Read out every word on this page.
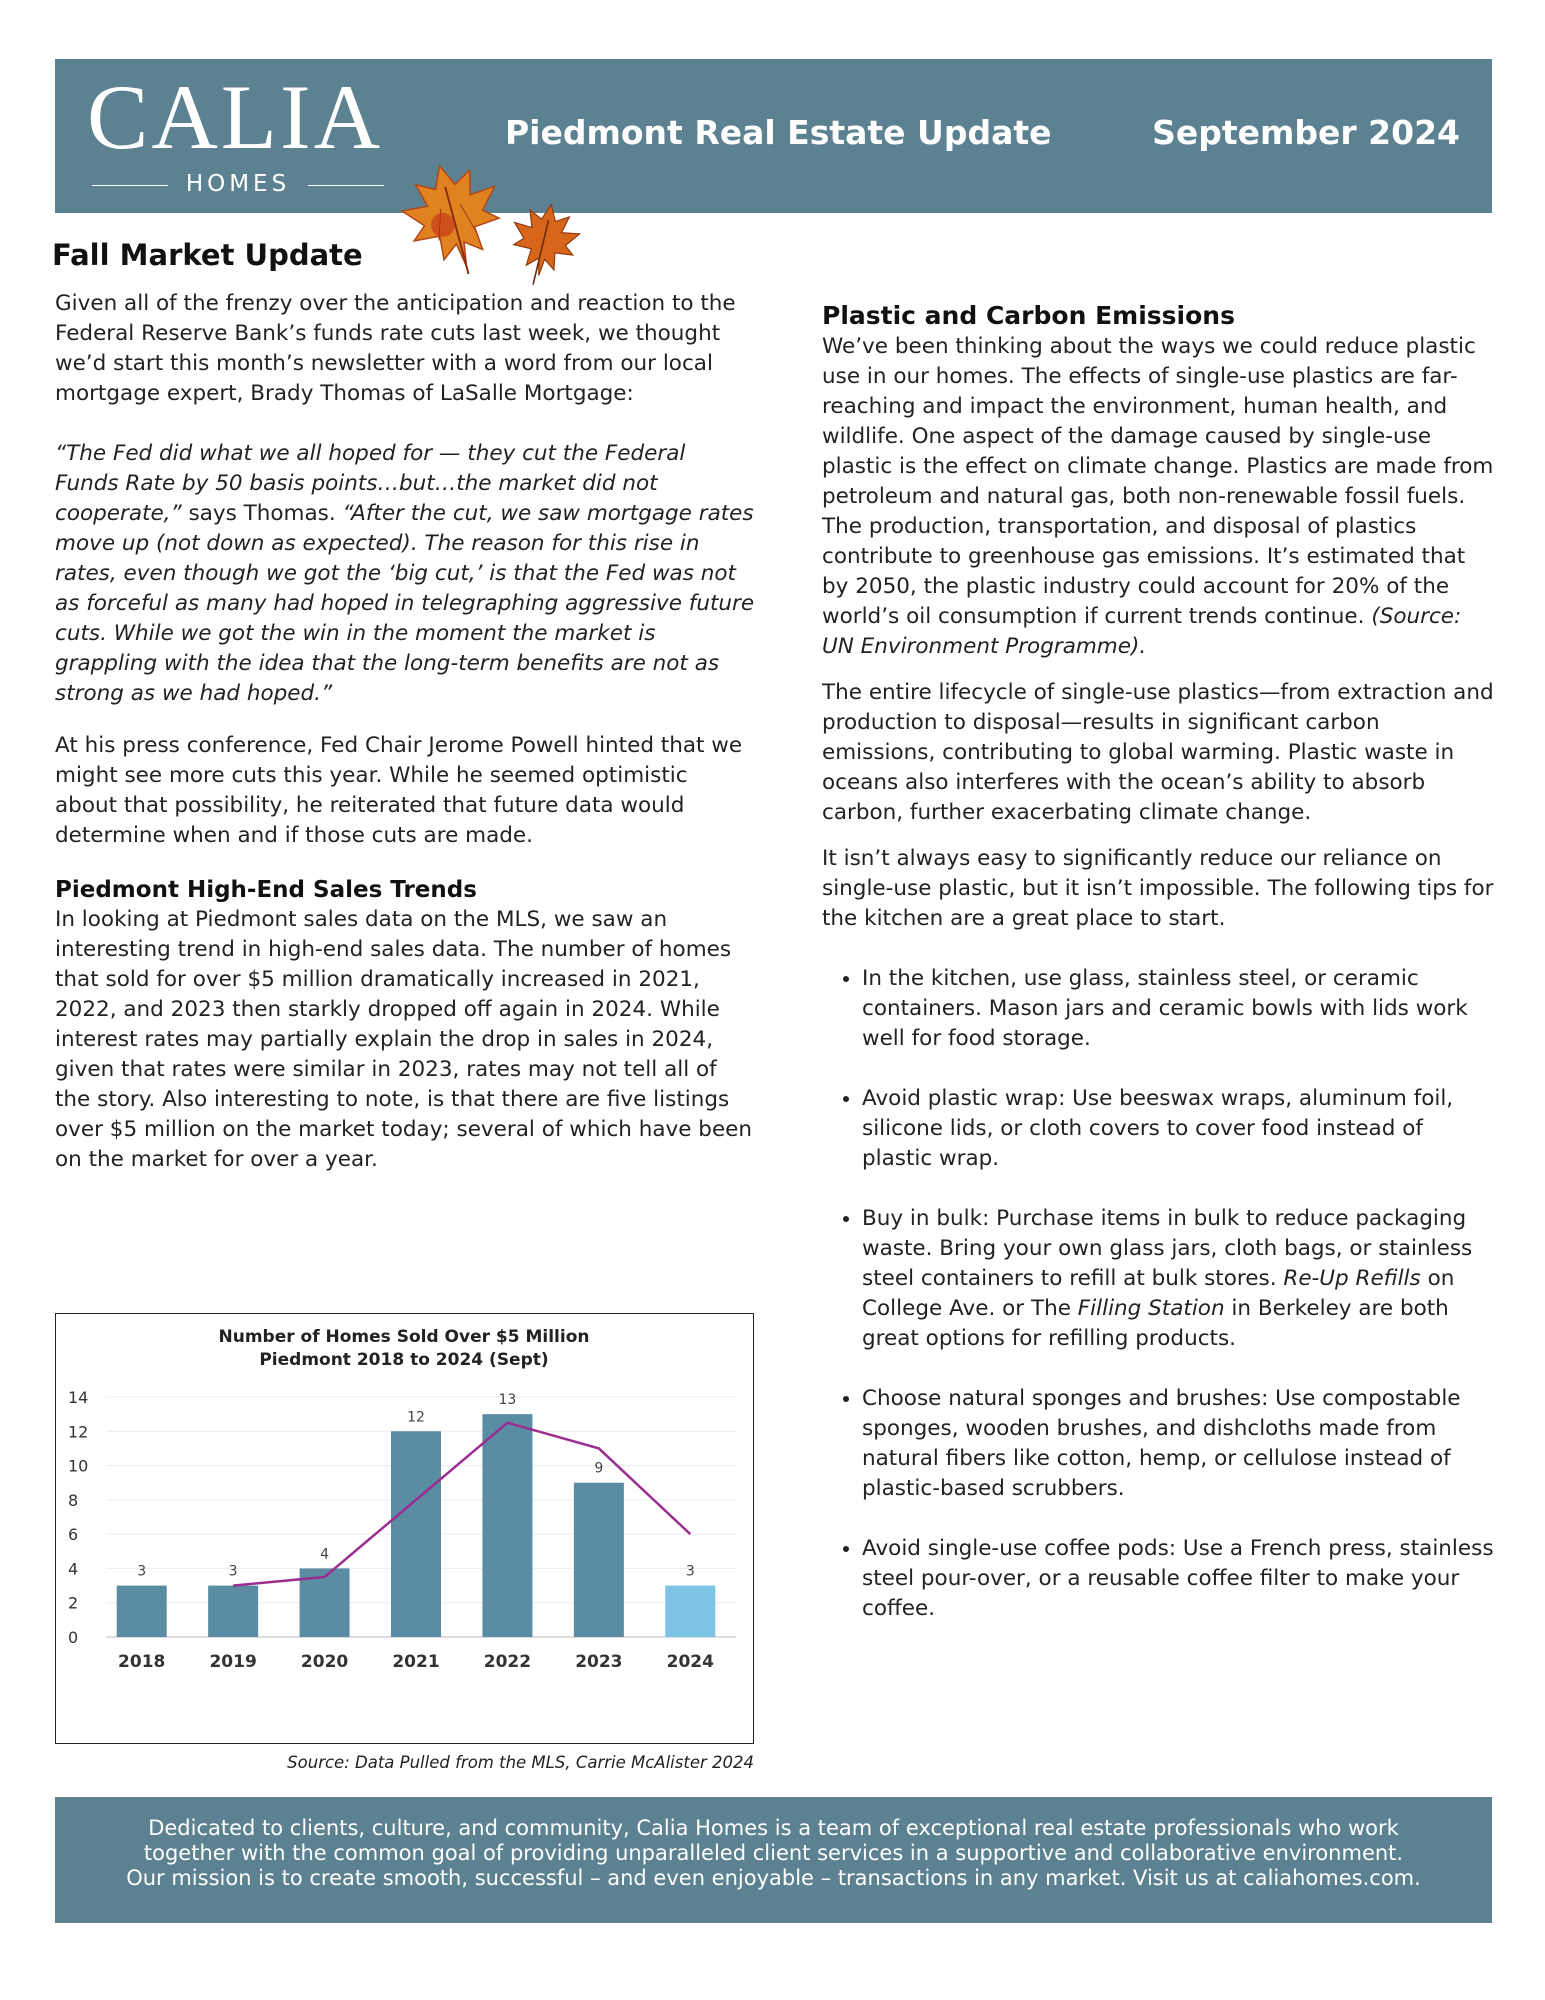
CALIA
HOMES
Piedmont Real Estate Update	September 2024
Fall Market Update

Given all of the frenzy over the anticipation and reaction to the Federal Reserve Bank’s funds rate cuts last week, we thought we’d start this month’s newsletter with a word from our local mortgage expert, Brady Thomas of LaSalle Mortgage:

“The Fed did what we all hoped for — they cut the Federal Funds Rate by 50 basis points…but…the market did not cooperate,” says Thomas. “After the cut, we saw mortgage rates move up (not down as expected). The reason for this rise in rates, even though we got the ‘big cut,’ is that the Fed was not as forceful as many had hoped in telegraphing aggressive future cuts. While we got the win in the moment the market is grappling with the idea that the long-term benefits are not as strong as we had hoped.”

At his press conference, Fed Chair Jerome Powell hinted that we might see more cuts this year. While he seemed optimistic about that possibility, he reiterated that future data would determine when and if those cuts are made.

Piedmont High-End Sales Trends

In looking at Piedmont sales data on the MLS, we saw an interesting trend in high-end sales data. The number of homes that sold for over $5 million dramatically increased in 2021, 2022, and 2023 then starkly dropped off again in 2024. While interest rates may partially explain the drop in sales in 2024, given that rates were similar in 2023, rates may not tell all of the story. Also interesting to note, is that there are five listings over $5 million on the market today; several of which have been on the market for over a year.

Number of Homes Sold Over $5 Million
Piedmont 2018 to 2024 (Sept)
0
2
4
6
8
10
12
14
3	3
4
12
13
9
3
2018	2019	2020	2021	2022	2023	2024
Source: Data Pulled from the MLS, Carrie McAlister 2024
Plastic and Carbon Emissions

We’ve been thinking about the ways we could reduce plastic use in our homes. The effects of single-use plastics are far-reaching and impact the environment, human health, and wildlife. One aspect of the damage caused by single-use plastic is the effect on climate change. Plastics are made from petroleum and natural gas, both non-renewable fossil fuels. The production, transportation, and disposal of plastics contribute to greenhouse gas emissions. It’s estimated that by 2050, the plastic industry could account for 20% of the world’s oil consumption if current trends continue. (Source: UN Environment Programme).

The entire lifecycle of single-use plastics—from extraction and production to disposal—results in significant carbon emissions, contributing to global warming. Plastic waste in oceans also interferes with the ocean’s ability to absorb carbon, further exacerbating climate change.

It isn’t always easy to significantly reduce our reliance on single-use plastic, but it isn’t impossible. The following tips for the kitchen are a great place to start.

• In the kitchen, use glass, stainless steel, or ceramic containers. Mason jars and ceramic bowls with lids work well for food storage.
• Avoid plastic wrap: Use beeswax wraps, aluminum foil, silicone lids, or cloth covers to cover food instead of plastic wrap.
• Buy in bulk: Purchase items in bulk to reduce packaging waste. Bring your own glass jars, cloth bags, or stainless steel containers to refill at bulk stores. Re-Up Refills on College Ave. or The Filling Station in Berkeley are both great options for refilling products.
• Choose natural sponges and brushes: Use compostable sponges, wooden brushes, and dishcloths made from natural fibers like cotton, hemp, or cellulose instead of plastic-based scrubbers.
• Avoid single-use coffee pods: Use a French press, stainless steel pour-over, or a reusable coffee filter to make your coffee.
Dedicated to clients, culture, and community, Calia Homes is a team of exceptional real estate professionals who work
together with the common goal of providing unparalleled client services in a supportive and collaborative environment.
Our mission is to create smooth, successful – and even enjoyable – transactions in any market. Visit us at caliahomes.com.
